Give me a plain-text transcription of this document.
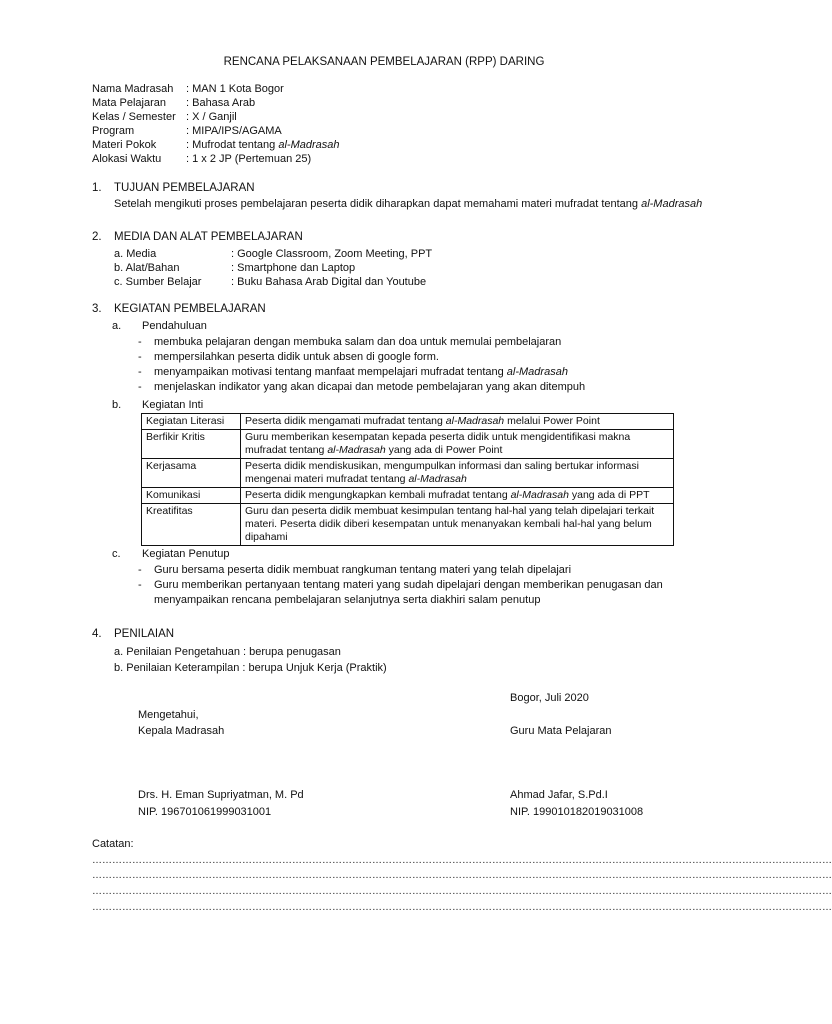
RENCANA PELAKSANAAN PEMBELAJARAN (RPP) DARING
Nama Madrasah	: MAN 1 Kota Bogor
Mata Pelajaran	: Bahasa Arab
Kelas / Semester : X / Ganjil
Program	: MIPA/IPS/AGAMA
Materi Pokok	: Mufrodat tentang al-Madrasah
Alokasi Waktu	: 1 x 2 JP (Pertemuan 25)
1. TUJUAN PEMBELAJARAN
Setelah mengikuti proses pembelajaran peserta didik diharapkan dapat memahami materi mufradat tentang al-Madrasah
2. MEDIA DAN ALAT PEMBELAJARAN
a. Media	: Google Classroom, Zoom Meeting, PPT
b. Alat/Bahan	: Smartphone dan Laptop
c. Sumber Belajar	: Buku Bahasa Arab Digital dan Youtube
3. KEGIATAN PEMBELAJARAN
a. Pendahuluan
-	membuka pelajaran dengan membuka salam dan doa untuk memulai pembelajaran
-	mempersilahkan peserta didik untuk absen di google form.
-	menyampaikan motivasi tentang manfaat mempelajari mufradat tentang al-Madrasah
-	menjelaskan indikator yang akan dicapai dan metode pembelajaran yang akan ditempuh
b. Kegiatan Inti
Kegiatan Literasi	Peserta didik mengamati mufradat tentang al-Madrasah melalui Power Point
Berfikir Kritis	Guru memberikan kesempatan kepada peserta didik untuk mengidentifikasi makna
mufradat tentang al-Madrasah yang ada di Power Point
Kerjasama	Peserta didik mendiskusikan, mengumpulkan informasi dan saling bertukar informasi
mengenai materi mufradat tentang al-Madrasah
Komunikasi	Peserta didik mengungkapkan kembali mufradat tentang al-Madrasah yang ada di PPT
Kreatifitas	Guru dan peserta didik membuat kesimpulan tentang hal-hal yang telah dipelajari terkait
materi. Peserta didik diberi kesempatan untuk menanyakan kembali hal-hal yang belum
dipahami
c. Kegiatan Penutup
-	Guru bersama peserta didik membuat rangkuman tentang materi yang telah dipelajari
-	Guru memberikan pertanyaan tentang materi yang sudah dipelajari dengan memberikan penugasan dan
menyampaikan rencana pembelajaran selanjutnya serta diakhiri salam penutup
4. PENILAIAN
a. Penilaian Pengetahuan : berupa penugasan
b. Penilaian Keterampilan : berupa Unjuk Kerja (Praktik)
Bogor, Juli 2020
Mengetahui,
Kepala Madrasah	Guru Mata Pelajaran
Drs. H. Eman Supriyatman, M. Pd
NIP. 196701061999031001
Ahmad Jafar, S.Pd.I
NIP. 199010182019031008
Catatan:
……………………………………………………………………………………………………………………………………………………………………………………………………
……………………………………………………………………………………………………………………………………………………………………………………………………
……………………………………………………………………………………………………………………………………………………………………………………………………
……………………………………………………………………………………………………………………………………………………………………………………………………
